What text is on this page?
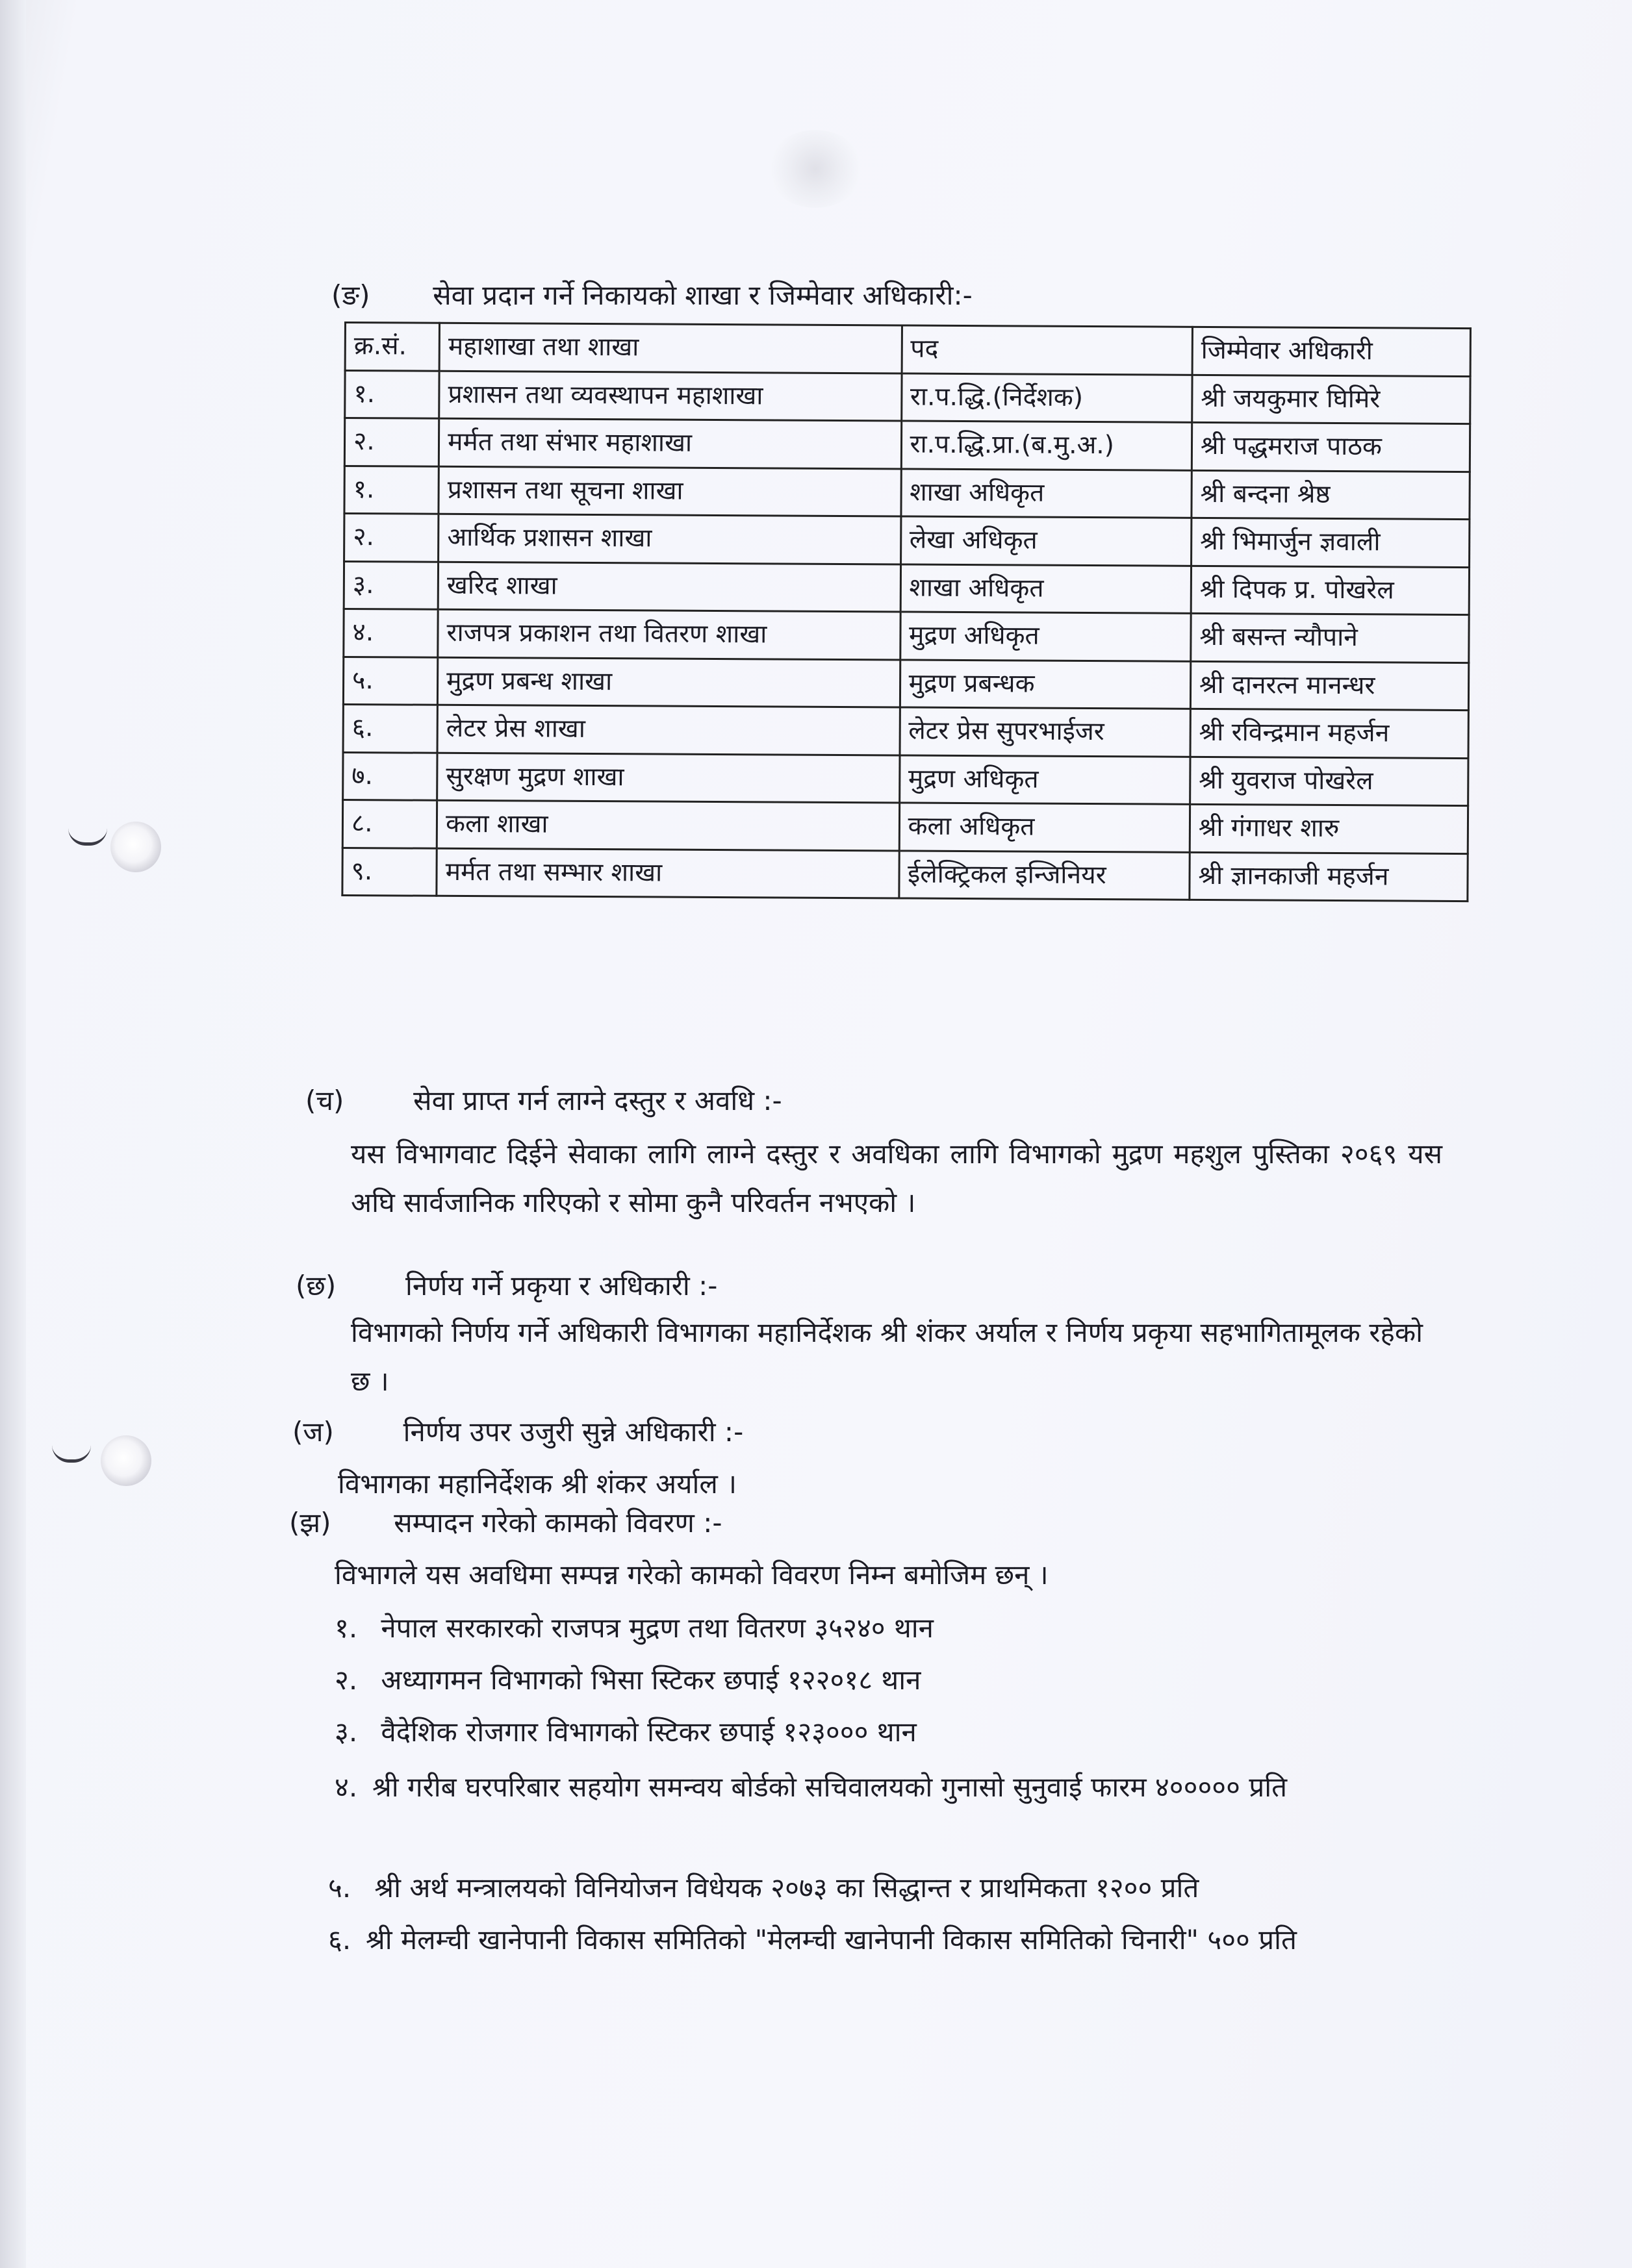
(ङ) सेवा प्रदान गर्ने निकायको शाखा र जिम्मेवार अधिकारी:-
क्र.सं.	महाशाखा तथा शाखा	पद	जिम्मेवार अधिकारी
१.	प्रशासन तथा व्यवस्थापन महाशाखा	रा.प.द्धि.(निर्देशक)	श्री जयकुमार घिमिरे
२.	मर्मत तथा संभार महाशाखा	रा.प.द्धि.प्रा.(ब.मु.अ.)	श्री पद्धमराज पाठक
१.	प्रशासन तथा सूचना शाखा	शाखा अधिकृत	श्री बन्दना श्रेष्ठ
२.	आर्थिक प्रशासन शाखा	लेखा अधिकृत	श्री भिमार्जुन ज्ञवाली
३.	खरिद शाखा	शाखा अधिकृत	श्री दिपक प्र. पोखरेल
४.	राजपत्र प्रकाशन तथा वितरण शाखा	मुद्रण अधिकृत	श्री बसन्त न्यौपाने
५.	मुद्रण प्रबन्ध शाखा	मुद्रण प्रबन्धक	श्री दानरत्न मानन्धर
६.	लेटर प्रेस शाखा	लेटर प्रेस सुपरभाईजर	श्री रविन्द्रमान महर्जन
७.	सुरक्षण मुद्रण शाखा	मुद्रण अधिकृत	श्री युवराज पोखरेल
८.	कला शाखा	कला अधिकृत	श्री गंगाधर शारु
९.	मर्मत तथा सम्भार शाखा	ईलेक्ट्रिकल इन्जिनियर	श्री ज्ञानकाजी महर्जन
(च)	सेवा प्राप्त गर्न लाग्ने दस्तुर र अवधि :-
यस विभागवाट दिईने सेवाका लागि लाग्ने दस्तुर र अवधिका लागि विभागको मुद्रण महशुल पुस्तिका २०६९ यस अघि सार्वजानिक गरिएको र सोमा कुनै परिवर्तन नभएको ।
(छ)	निर्णय गर्ने प्रकृया र अधिकारी :-
विभागको निर्णय गर्ने अधिकारी विभागका महानिर्देशक श्री शंकर अर्याल र निर्णय प्रकृया सहभागितामूलक रहेको छ ।
(ज)	निर्णय उपर उजुरी सुन्ने अधिकारी :-
विभागका महानिर्देशक श्री शंकर अर्याल ।
(झ) सम्पादन गरेको कामको विवरण :-
विभागले यस अवधिमा सम्पन्न गरेको कामको विवरण निम्न बमोजिम छन् ।
१. नेपाल सरकारको राजपत्र मुद्रण तथा वितरण ३५२४० थान
२. अध्यागमन विभागको भिसा स्टिकर छपाई १२२०१८ थान
३. वैदेशिक रोजगार विभागको स्टिकर छपाई १२३००० थान
४. श्री गरीब घरपरिबार सहयोग समन्वय बोर्डको सचिवालयको गुनासो सुनुवाई फारम ४००००० प्रति
५. श्री अर्थ मन्त्रालयको विनियोजन विधेयक २०७३ का सिद्धान्त र प्राथमिकता १२०० प्रति
६. श्री मेलम्ची खानेपानी विकास समितिको "मेलम्ची खानेपानी विकास समितिको चिनारी" ५०० प्रति
